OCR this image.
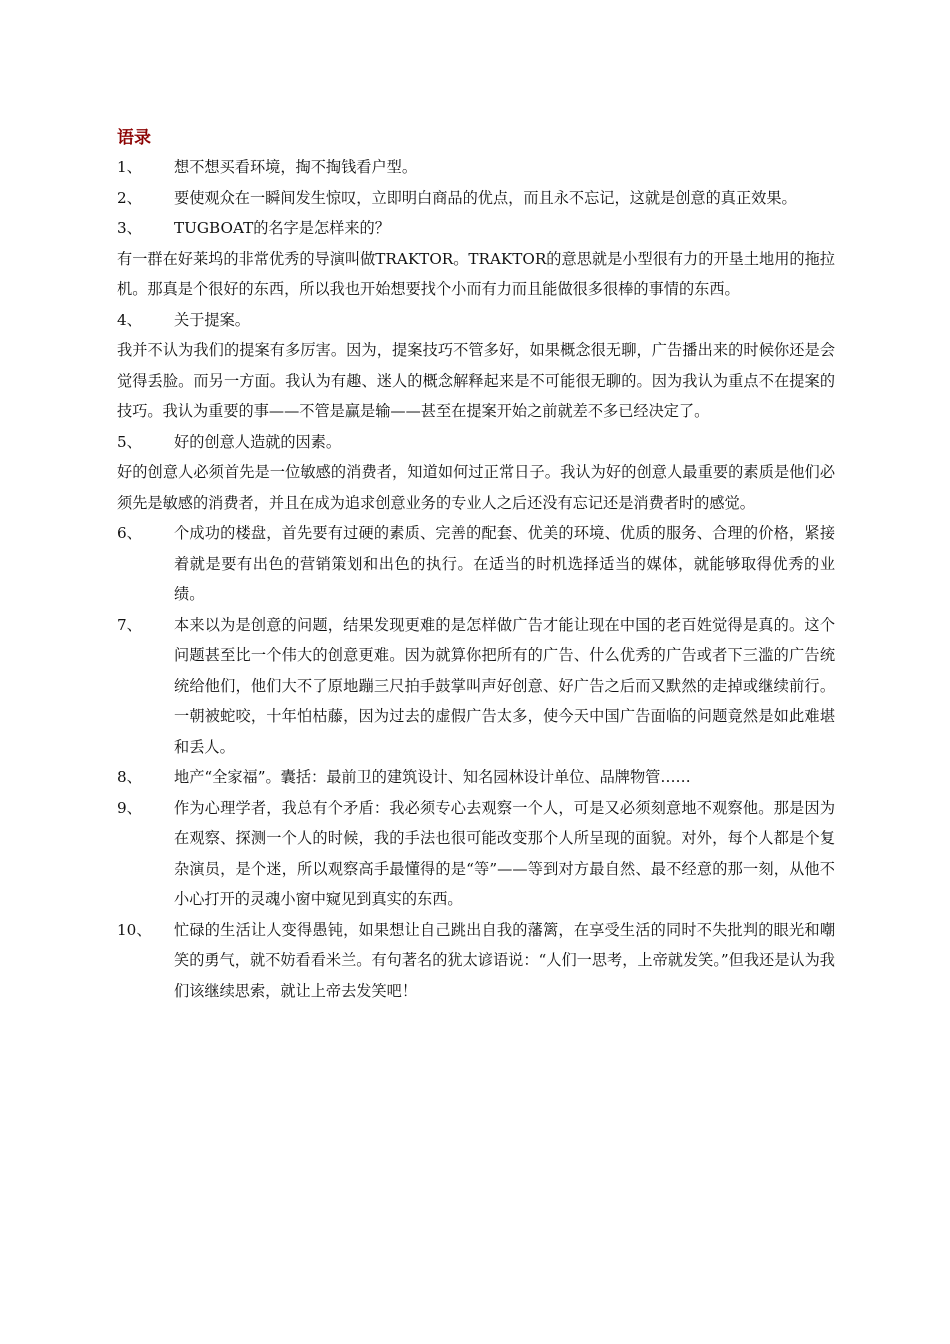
语录
1、	想不想买看环境，掏不掏钱看户型。
2、	要使观众在一瞬间发生惊叹，立即明白商品的优点，而且永不忘记，这就是创意的真正效果。
3、	TUGBOAT的名字是怎样来的？
有一群在好莱坞的非常优秀的导演叫做TRAKTOR。TRAKTOR的意思就是小型很有力的开垦土地用的拖拉机。那真是个很好的东西，所以我也开始想要找个小而有力而且能做很多很棒的事情的东西。
4、	关于提案。
我并不认为我们的提案有多厉害。因为，提案技巧不管多好，如果概念很无聊，广告播出来的时候你还是会觉得丢脸。而另一方面。我认为有趣、迷人的概念解释起来是不可能很无聊的。因为我认为重点不在提案的技巧。我认为重要的事——不管是赢是输——甚至在提案开始之前就差不多已经决定了。
5、	好的创意人造就的因素。
好的创意人必须首先是一位敏感的消费者，知道如何过正常日子。我认为好的创意人最重要的素质是他们必须先是敏感的消费者，并且在成为追求创意业务的专业人之后还没有忘记还是消费者时的感觉。
6、	个成功的楼盘，首先要有过硬的素质、完善的配套、优美的环境、优质的服务、合理的价格，紧接着就是要有出色的营销策划和出色的执行。在适当的时机选择适当的媒体，就能够取得优秀的业绩。
7、	本来以为是创意的问题，结果发现更难的是怎样做广告才能让现在中国的老百姓觉得是真的。这个问题甚至比一个伟大的创意更难。因为就算你把所有的广告、什么优秀的广告或者下三滥的广告统统给他们，他们大不了原地蹦三尺拍手鼓掌叫声好创意、好广告之后而又默然的走掉或继续前行。一朝被蛇咬，十年怕枯藤，因为过去的虚假广告太多，使今天中国广告面临的问题竟然是如此难堪和丢人。
8、	地产“全家福”。囊括：最前卫的建筑设计、知名园林设计单位、品牌物管……
9、	作为心理学者，我总有个矛盾：我必须专心去观察一个人，可是又必须刻意地不观察他。那是因为在观察、探测一个人的时候，我的手法也很可能改变那个人所呈现的面貌。对外，每个人都是个复杂演员，是个迷，所以观察高手最懂得的是“等”——等到对方最自然、最不经意的那一刻，从他不小心打开的灵魂小窗中窥见到真实的东西。
10、	忙碌的生活让人变得愚钝，如果想让自己跳出自我的藩篱，在享受生活的同时不失批判的眼光和嘲笑的勇气，就不妨看看米兰。有句著名的犹太谚语说：“人们一思考，上帝就发笑。”但我还是认为我们该继续思索，就让上帝去发笑吧！
